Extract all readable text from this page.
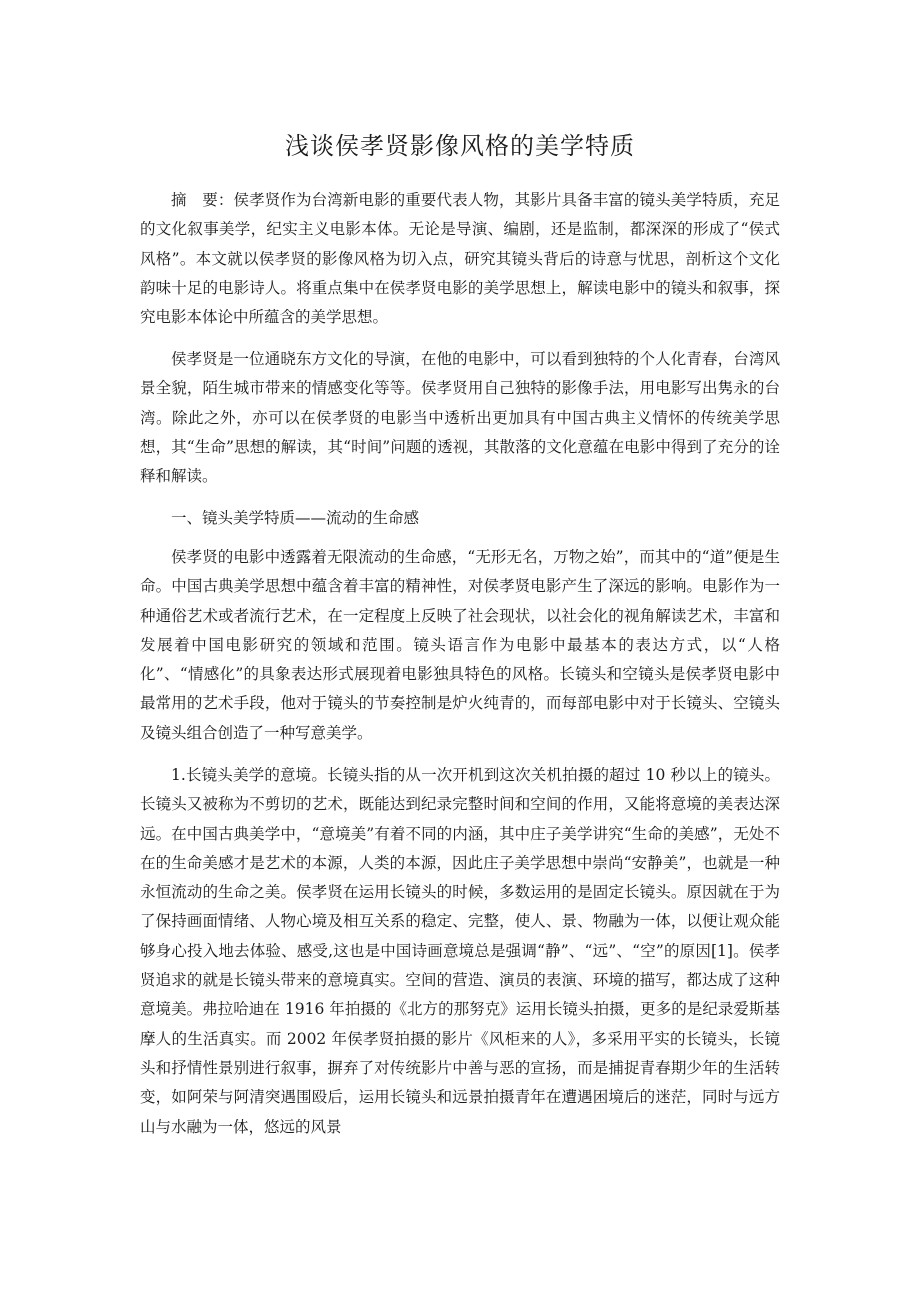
浅谈侯孝贤影像风格的美学特质

摘　要：侯孝贤作为台湾新电影的重要代表人物，其影片具备丰富的镜头美学特质，充足的文化叙事美学，纪实主义电影本体。无论是导演、编剧，还是监制，都深深的形成了“侯式风格”。本文就以侯孝贤的影像风格为切入点，研究其镜头背后的诗意与忧思，剖析这个文化韵味十足的电影诗人。将重点集中在侯孝贤电影的美学思想上，解读电影中的镜头和叙事，探究电影本体论中所蕴含的美学思想。

侯孝贤是一位通晓东方文化的导演，在他的电影中，可以看到独特的个人化青春，台湾风景全貌，陌生城市带来的情感变化等等。侯孝贤用自己独特的影像手法，用电影写出隽永的台湾。除此之外，亦可以在侯孝贤的电影当中透析出更加具有中国古典主义情怀的传统美学思想，其“生命”思想的解读，其“时间”问题的透视，其散落的文化意蕴在电影中得到了充分的诠释和解读。

一、镜头美学特质——流动的生命感

侯孝贤的电影中透露着无限流动的生命感，“无形无名，万物之始”，而其中的“道”便是生命。中国古典美学思想中蕴含着丰富的精神性，对侯孝贤电影产生了深远的影响。电影作为一种通俗艺术或者流行艺术，在一定程度上反映了社会现状，以社会化的视角解读艺术，丰富和发展着中国电影研究的领域和范围。镜头语言作为电影中最基本的表达方式，以“人格化”、“情感化”的具象表达形式展现着电影独具特色的风格。长镜头和空镜头是侯孝贤电影中最常用的艺术手段，他对于镜头的节奏控制是炉火纯青的，而每部电影中对于长镜头、空镜头及镜头组合创造了一种写意美学。

1.长镜头美学的意境。长镜头指的从一次开机到这次关机拍摄的超过 10 秒以上的镜头。长镜头又被称为不剪切的艺术，既能达到纪录完整时间和空间的作用，又能将意境的美表达深远。在中国古典美学中，“意境美”有着不同的内涵，其中庄子美学讲究“生命的美感”，无处不在的生命美感才是艺术的本源，人类的本源，因此庄子美学思想中崇尚“安静美”，也就是一种永恒流动的生命之美。侯孝贤在运用长镜头的时候，多数运用的是固定长镜头。原因就在于为了保持画面情绪、人物心境及相互关系的稳定、完整，使人、景、物融为一体，以便让观众能够身心投入地去体验、感受,这也是中国诗画意境总是强调“静”、“远”、“空”的原因[1]。侯孝贤追求的就是长镜头带来的意境真实。空间的营造、演员的表演、环境的描写，都达成了这种意境美。弗拉哈迪在 1916 年拍摄的《北方的那努克》运用长镜头拍摄，更多的是纪录爱斯基摩人的生活真实。而 2002 年侯孝贤拍摄的影片《风柜来的人》，多采用平实的长镜头，长镜头和抒情性景别进行叙事，摒弃了对传统影片中善与恶的宣扬，而是捕捉青春期少年的生活转变，如阿荣与阿清突遇围殴后，运用长镜头和远景拍摄青年在遭遇困境后的迷茫，同时与远方山与水融为一体，悠远的风景
